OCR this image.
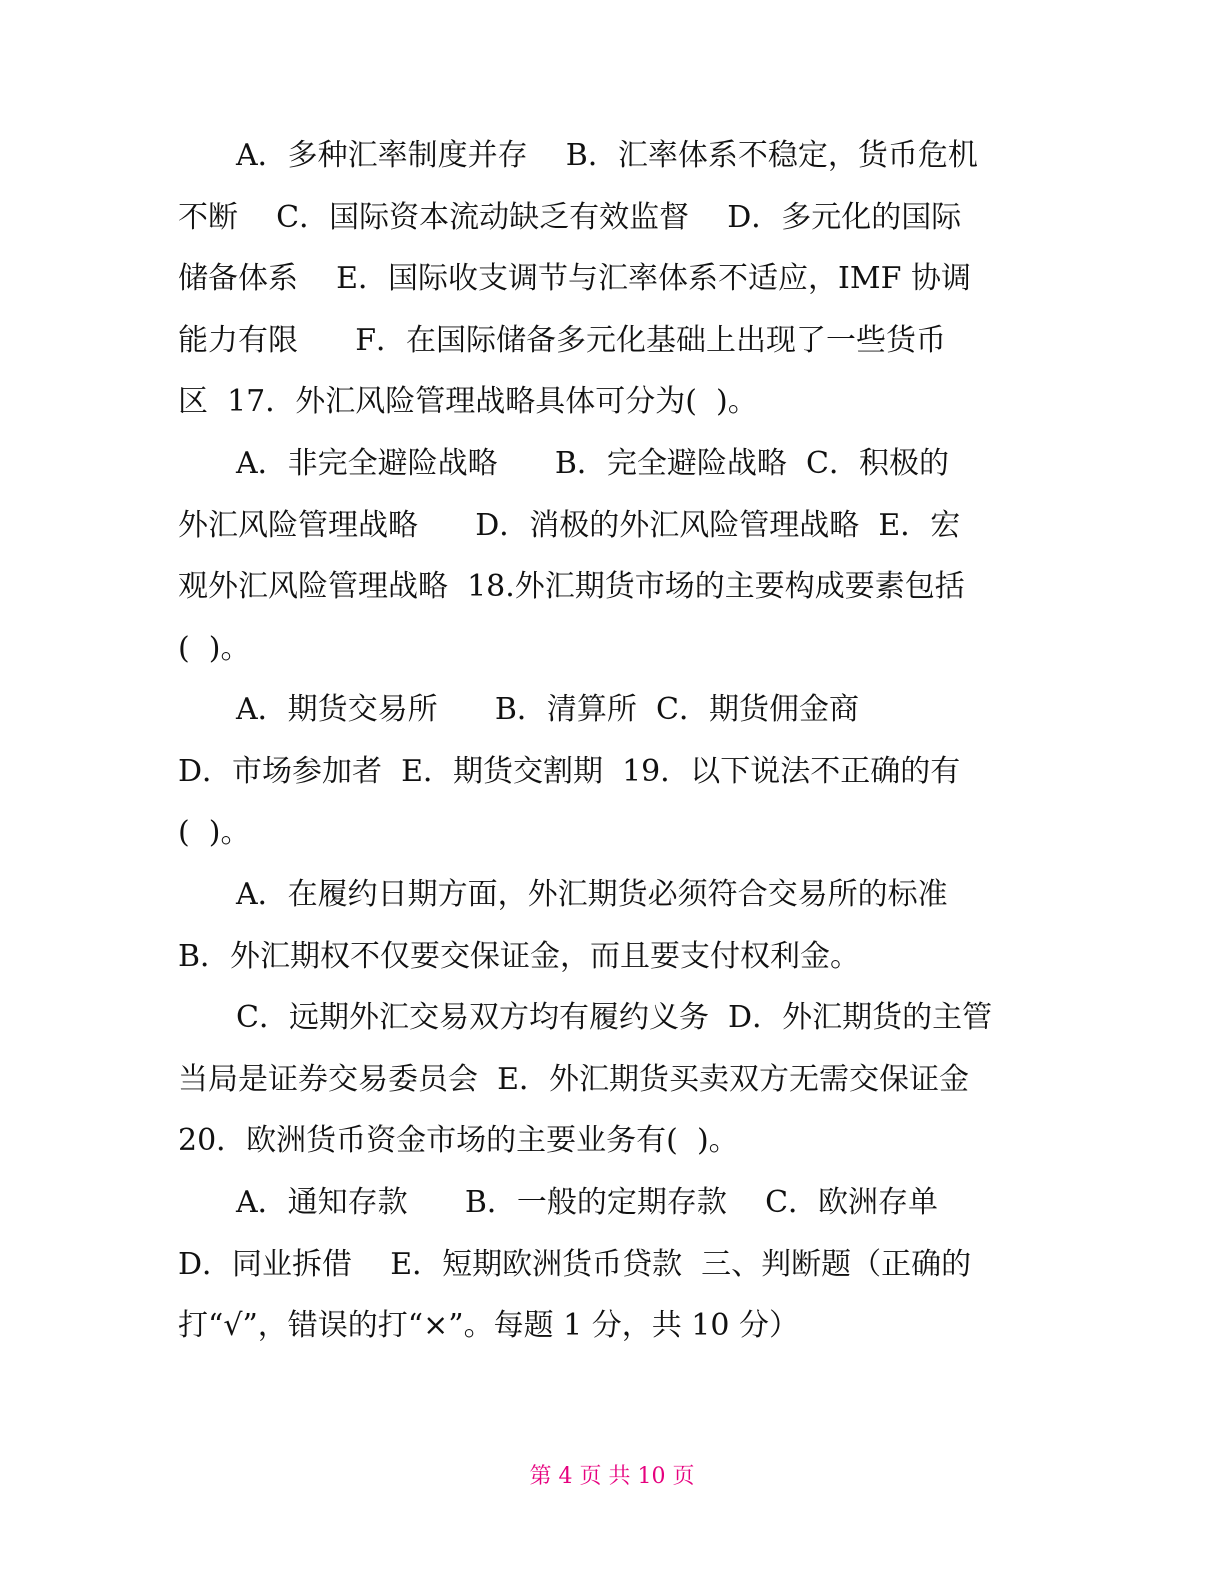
A．多种汇率制度并存    B．汇率体系不稳定，货币危机
不断    C．国际资本流动缺乏有效监督    D．多元化的国际
储备体系    E．国际收支调节与汇率体系不适应，IMF 协调
能力有限      F．在国际储备多元化基础上出现了一些货币
区  17．外汇风险管理战略具体可分为(  )。
A．非完全避险战略      B．完全避险战略  C．积极的
外汇风险管理战略      D．消极的外汇风险管理战略  E．宏
观外汇风险管理战略  18.外汇期货市场的主要构成要素包括
(  )。
A．期货交易所      B．清算所  C．期货佣金商
D．市场参加者  E．期货交割期  19．以下说法不正确的有
(  )。
A．在履约日期方面，外汇期货必须符合交易所的标准
B．外汇期权不仅要交保证金，而且要支付权利金。
C．远期外汇交易双方均有履约义务  D．外汇期货的主管
当局是证券交易委员会  E．外汇期货买卖双方无需交保证金
20．欧洲货币资金市场的主要业务有(  )。
A．通知存款      B．一般的定期存款    C．欧洲存单
D．同业拆借    E．短期欧洲货币贷款  三、判断题（正确的
打“√”，错误的打“×”。每题 1 分，共 10 分）
第 4 页 共 10 页
